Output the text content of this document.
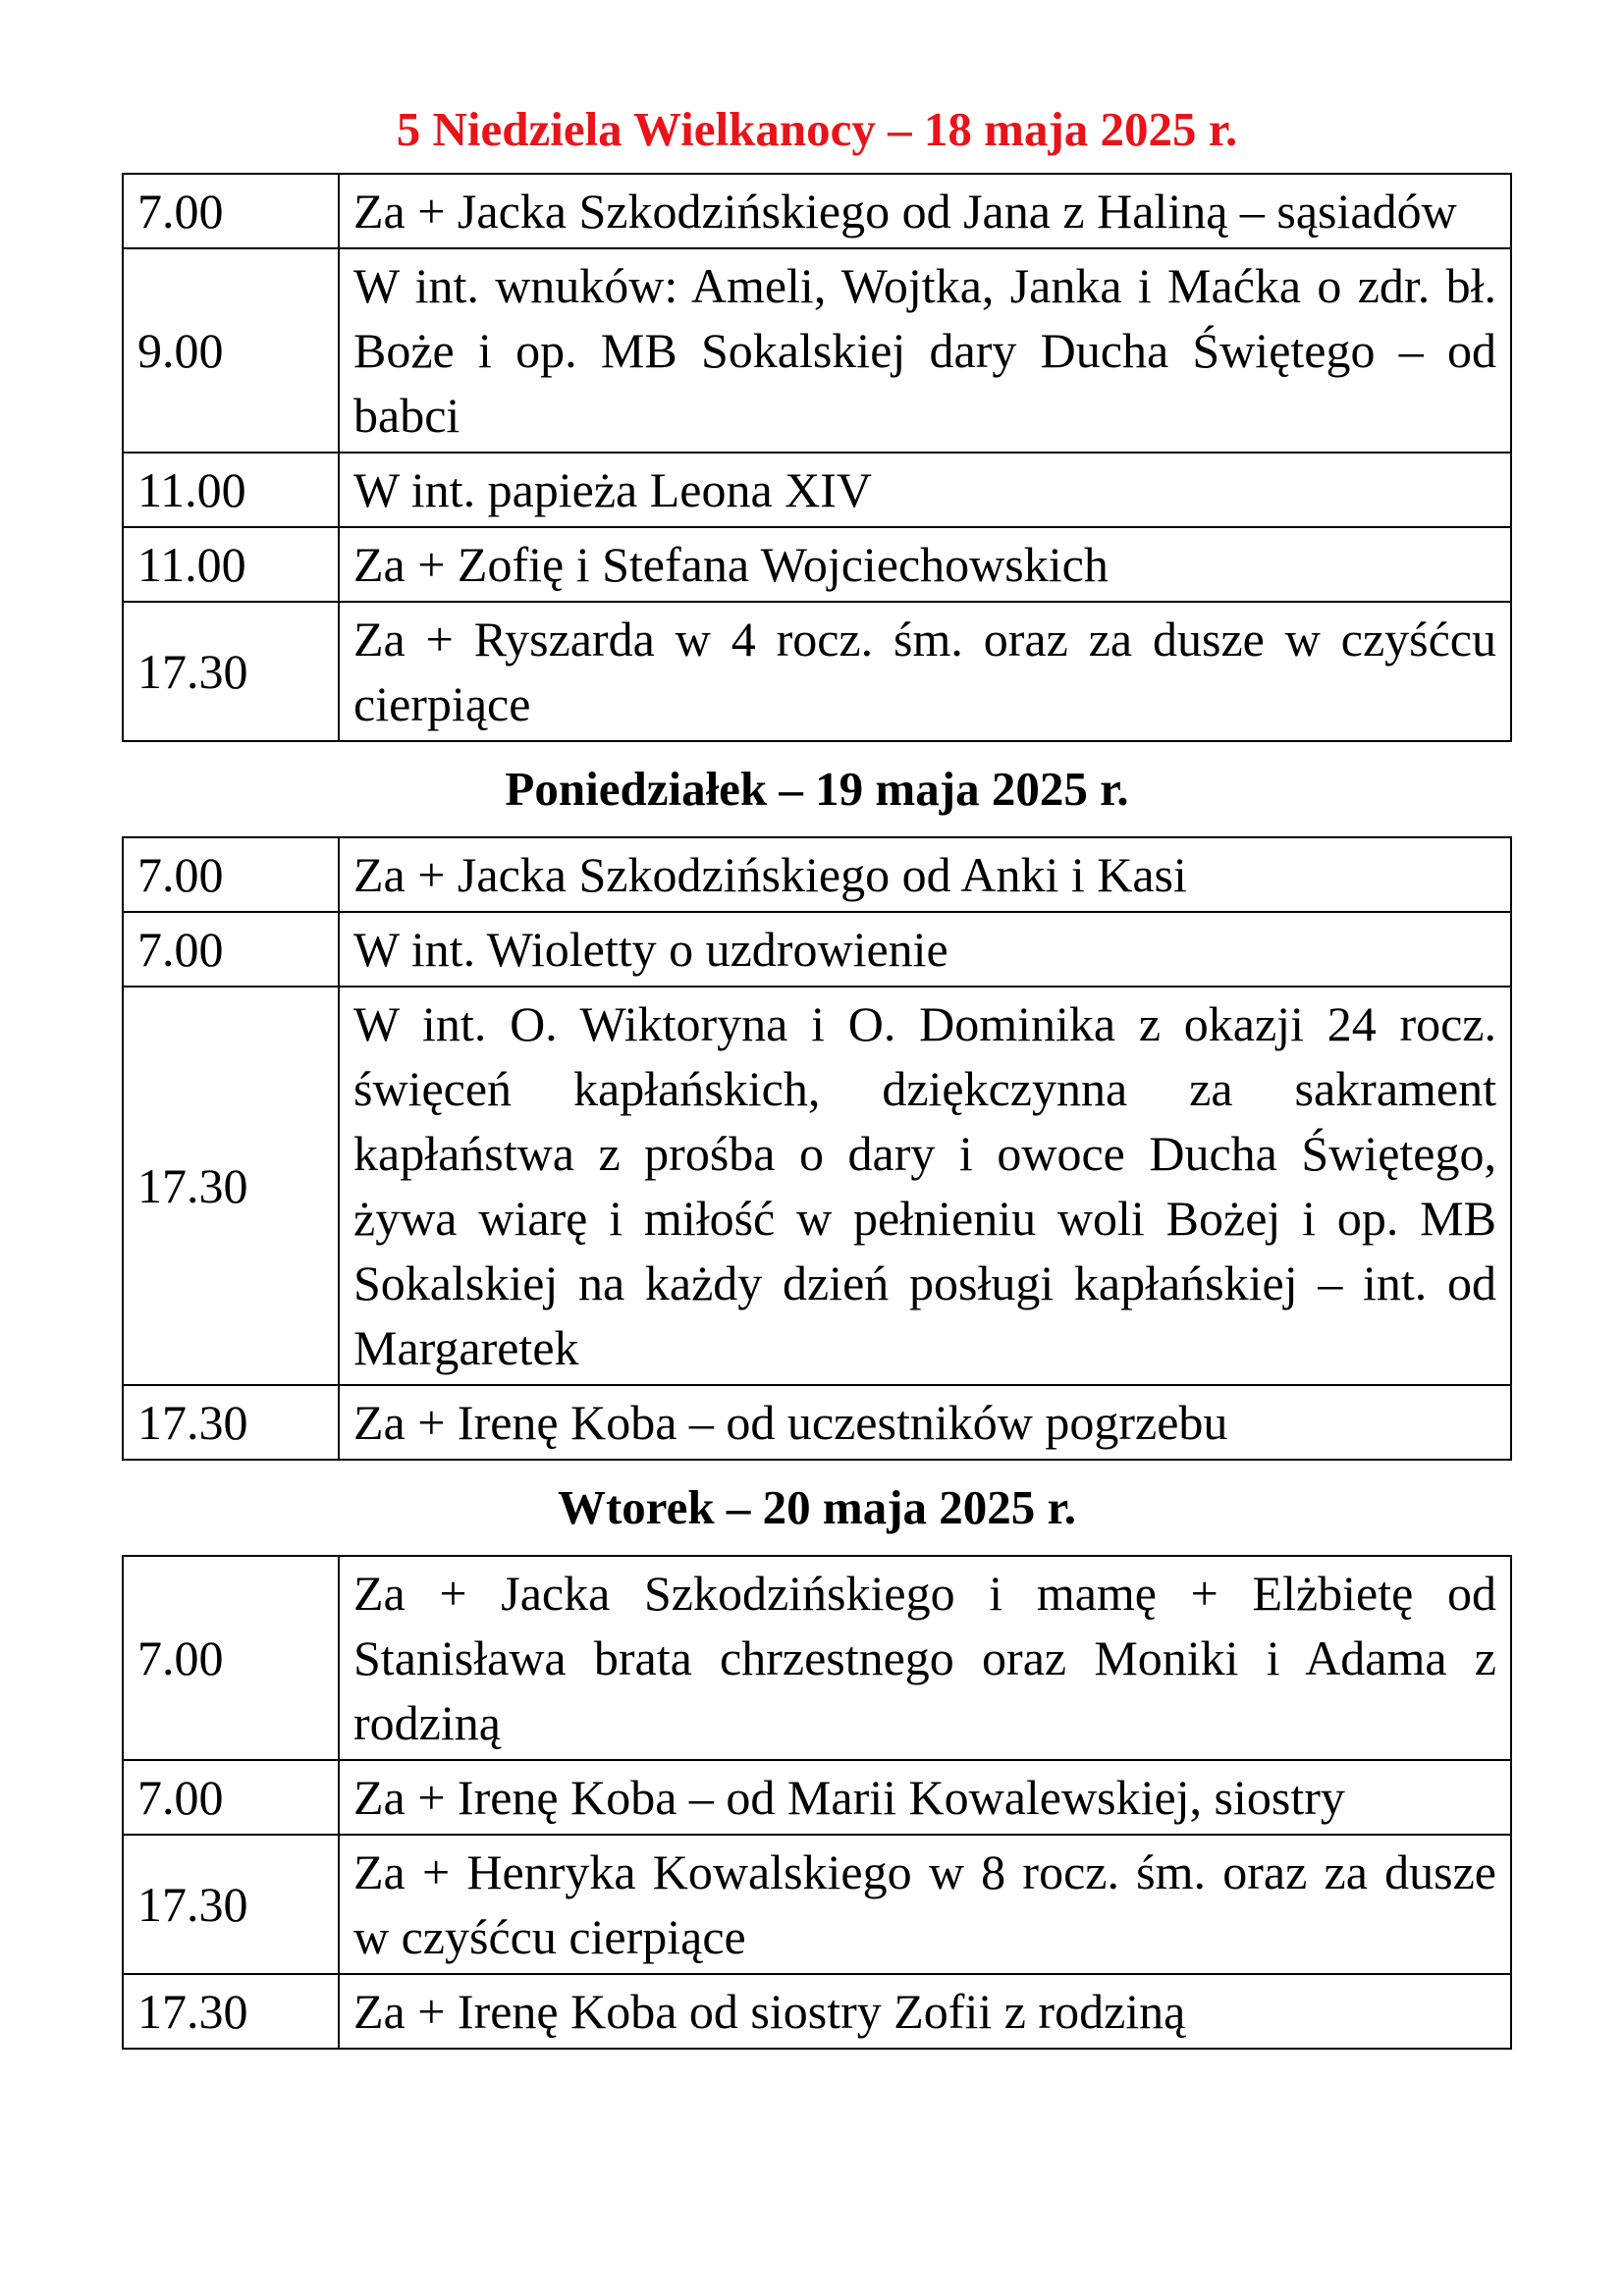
5 Niedziela Wielkanocy – 18 maja 2025 r.
7.00	Za + Jacka Szkodzińskiego od Jana z Haliną – sąsiadów
9.00	W int. wnuków: Ameli, Wojtka, Janka i Maćka o zdr. bł. Boże i op. MB Sokalskiej dary Ducha Świętego – od babci
11.00	W int. papieża Leona XIV
11.00	Za + Zofię i Stefana Wojciechowskich
17.30	Za + Ryszarda w 4 rocz. śm. oraz za dusze w czyśćcu cierpiące
Poniedziałek – 19 maja 2025 r.
7.00	Za + Jacka Szkodzińskiego od Anki i Kasi
7.00	W int. Wioletty o uzdrowienie
17.30	W int. O. Wiktoryna i O. Dominika z okazji 24 rocz. święceń kapłańskich, dziękczynna za sakrament kapłaństwa z prośba o dary i owoce Ducha Świętego, żywa wiarę i miłość w pełnieniu woli Bożej i op. MB Sokalskiej na każdy dzień posługi kapłańskiej – int. od Margaretek
17.30	Za + Irenę Koba – od uczestników pogrzebu
Wtorek – 20 maja 2025 r.
7.00	Za + Jacka Szkodzińskiego i mamę + Elżbietę od Stanisława brata chrzestnego oraz Moniki i Adama z rodziną
7.00	Za + Irenę Koba – od Marii Kowalewskiej, siostry
17.30	Za + Henryka Kowalskiego w 8 rocz. śm. oraz za dusze w czyśćcu cierpiące
17.30	Za + Irenę Koba od siostry Zofii z rodziną
